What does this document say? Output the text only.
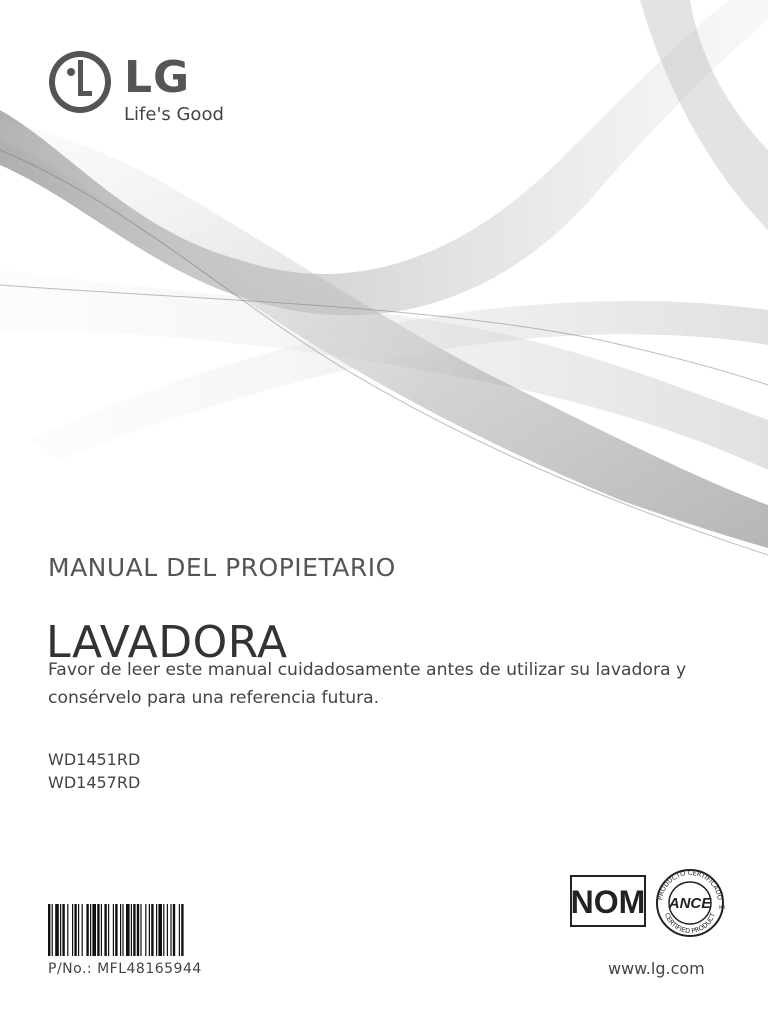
LG
Life's Good
MANUAL DEL PROPIETARIO
LAVADORA
Favor de leer este manual cuidadosamente antes de utilizar su lavadora y consérvelo para una referencia futura.
WD1451RD
WD1457RD
P/No.: MFL48165944
NOM PRODUCTO CERTIFICADO
CERTIFIED PRODUCT
ANCE MR
www.lg.com
